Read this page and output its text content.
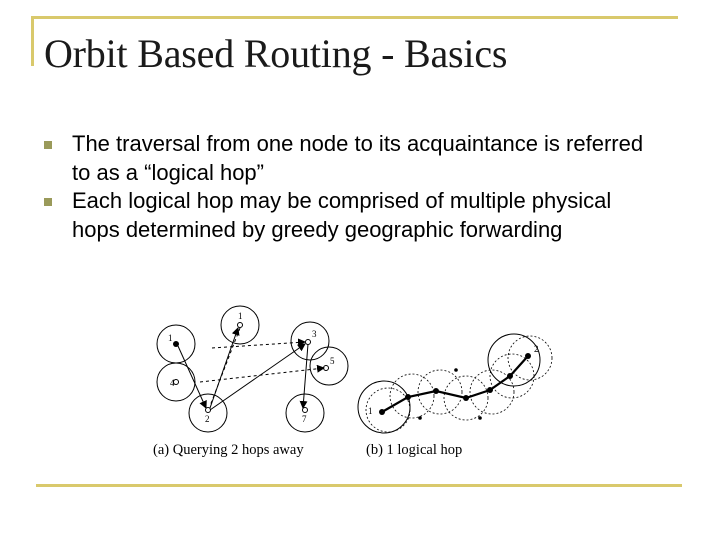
Orbit Based Routing - Basics
The traversal from one node to its acquaintance is referred to as a “logical hop”
Each logical hop may be comprised of multiple physical hops determined by greedy geographic forwarding
1
1	3
4
5
2	7
(a) Querying 2 hops away
1
2
(b) 1 logical hop
